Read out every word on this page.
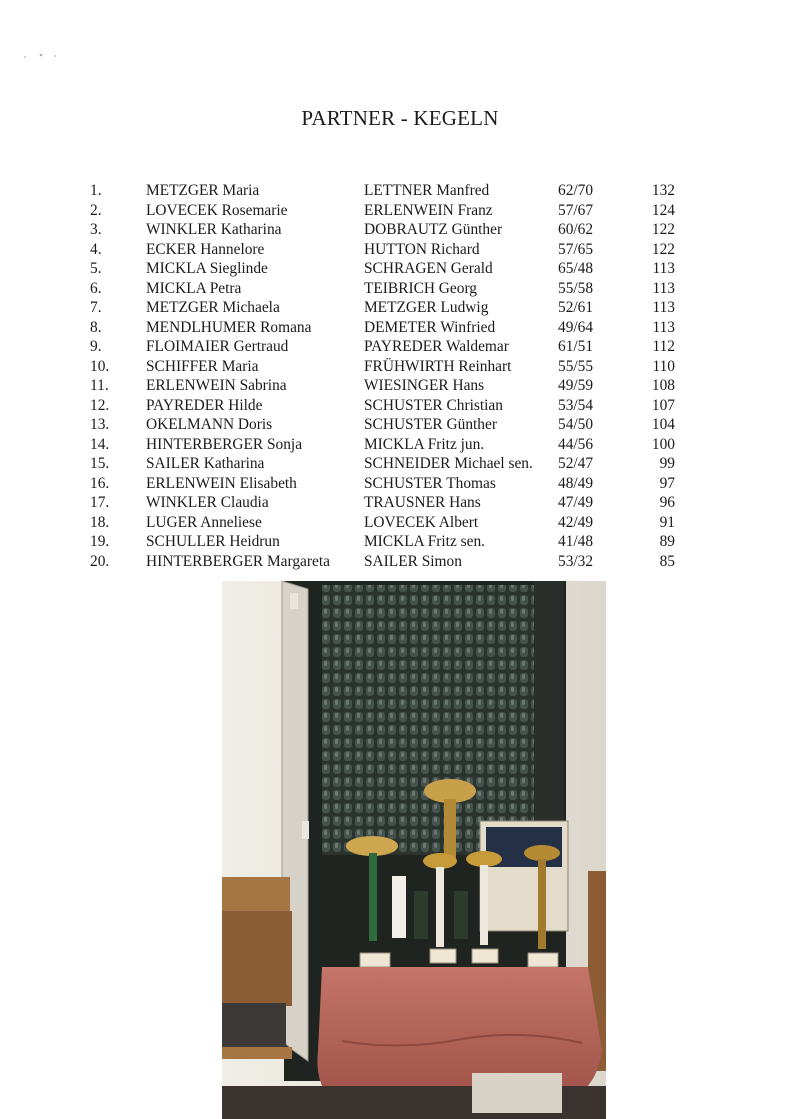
PARTNER - KEGELN
1.	METZGER Maria	LETTNER Manfred	62/70	132
2.	LOVECEK Rosemarie	ERLENWEIN Franz	57/67	124
3.	WINKLER Katharina	DOBRAUTZ Günther	60/62	122
4.	ECKER Hannelore	HUTTON Richard	57/65	122
5.	MICKLA Sieglinde	SCHRAGEN Gerald	65/48	113
6.	MICKLA Petra	TEIBRICH Georg	55/58	113
7.	METZGER Michaela	METZGER Ludwig	52/61	113
8.	MENDLHUMER Romana	DEMETER Winfried	49/64	113
9.	FLOIMAIER Gertraud	PAYREDER Waldemar	61/51	112
10.	SCHIFFER Maria	FRÜHWIRTH Reinhart	55/55	110
11.	ERLENWEIN Sabrina	WIESINGER Hans	49/59	108
12.	PAYREDER Hilde	SCHUSTER Christian	53/54	107
13.	OKELMANN Doris	SCHUSTER Günther	54/50	104
14.	HINTERBERGER Sonja	MICKLA Fritz jun.	44/56	100
15.	SAILER Katharina	SCHNEIDER Michael sen.	52/47	99
16.	ERLENWEIN Elisabeth	SCHUSTER Thomas	48/49	97
17.	WINKLER Claudia	TRAUSNER Hans	47/49	96
18.	LUGER Anneliese	LOVECEK Albert	42/49	91
19.	SCHULLER Heidrun	MICKLA Fritz sen.	41/48	89
20.	HINTERBERGER Margareta	SAILER Simon	53/32	85
